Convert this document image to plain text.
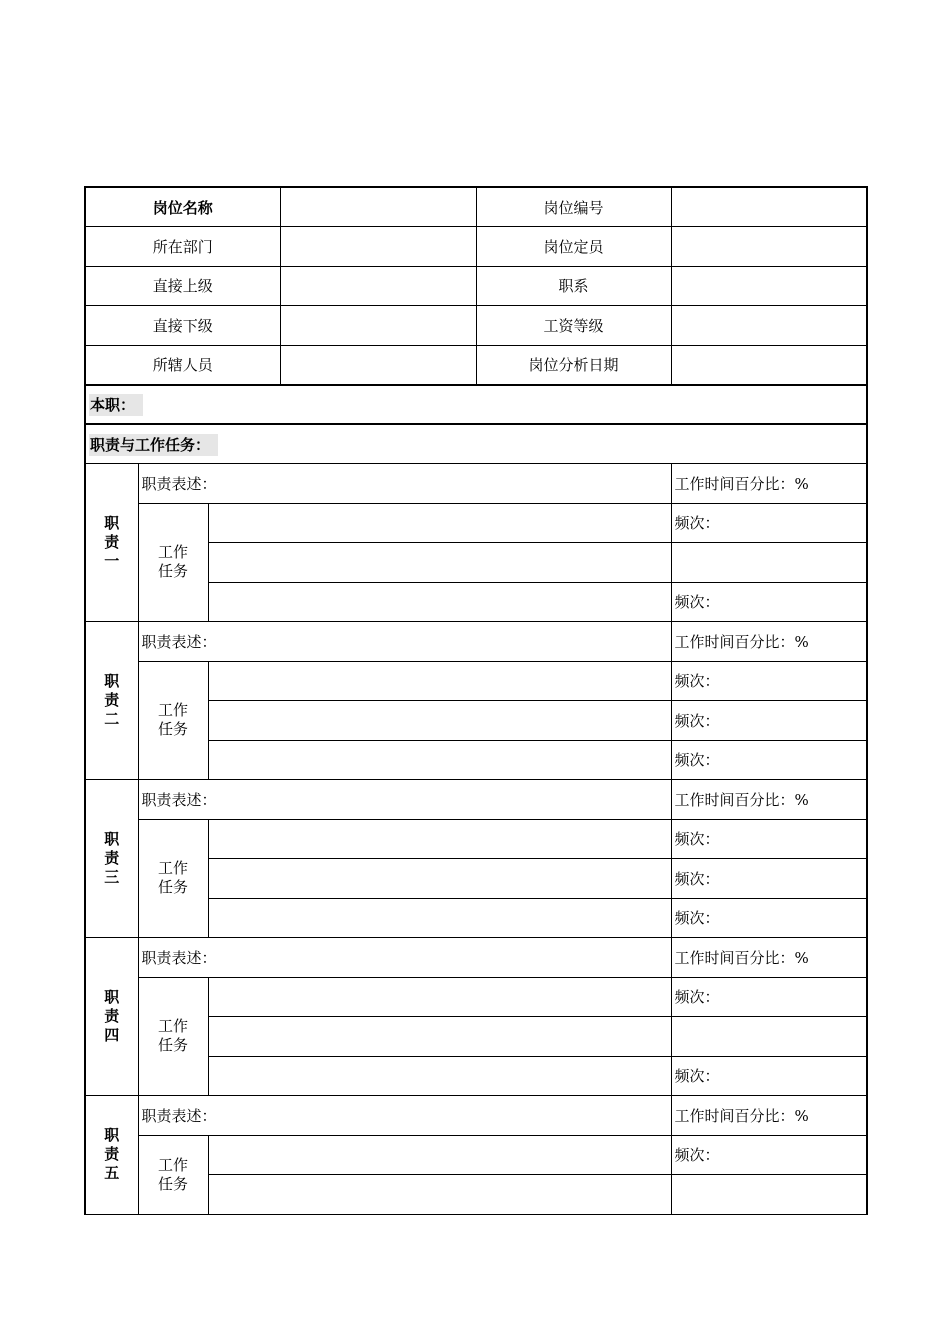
岗位名称				岗位编号	
所在部门				岗位定员	
直接上级				职系	
直接下级				工资等级	
所辖人员				岗位分析日期	
本职：					
职责与工作任务：					
职责一	职责表述：				工作时间百分比：%
	工作任务				频次：

					频次：
职责二	职责表述：				工作时间百分比：%
	工作任务				频次：
					频次：
					频次：
职责三	职责表述：				工作时间百分比：%
	工作任务				频次：
					频次：
					频次：
职责四	职责表述：				工作时间百分比：%
	工作任务				频次：

					频次：
职责五	职责表述：				工作时间百分比：%
	工作任务				频次：
